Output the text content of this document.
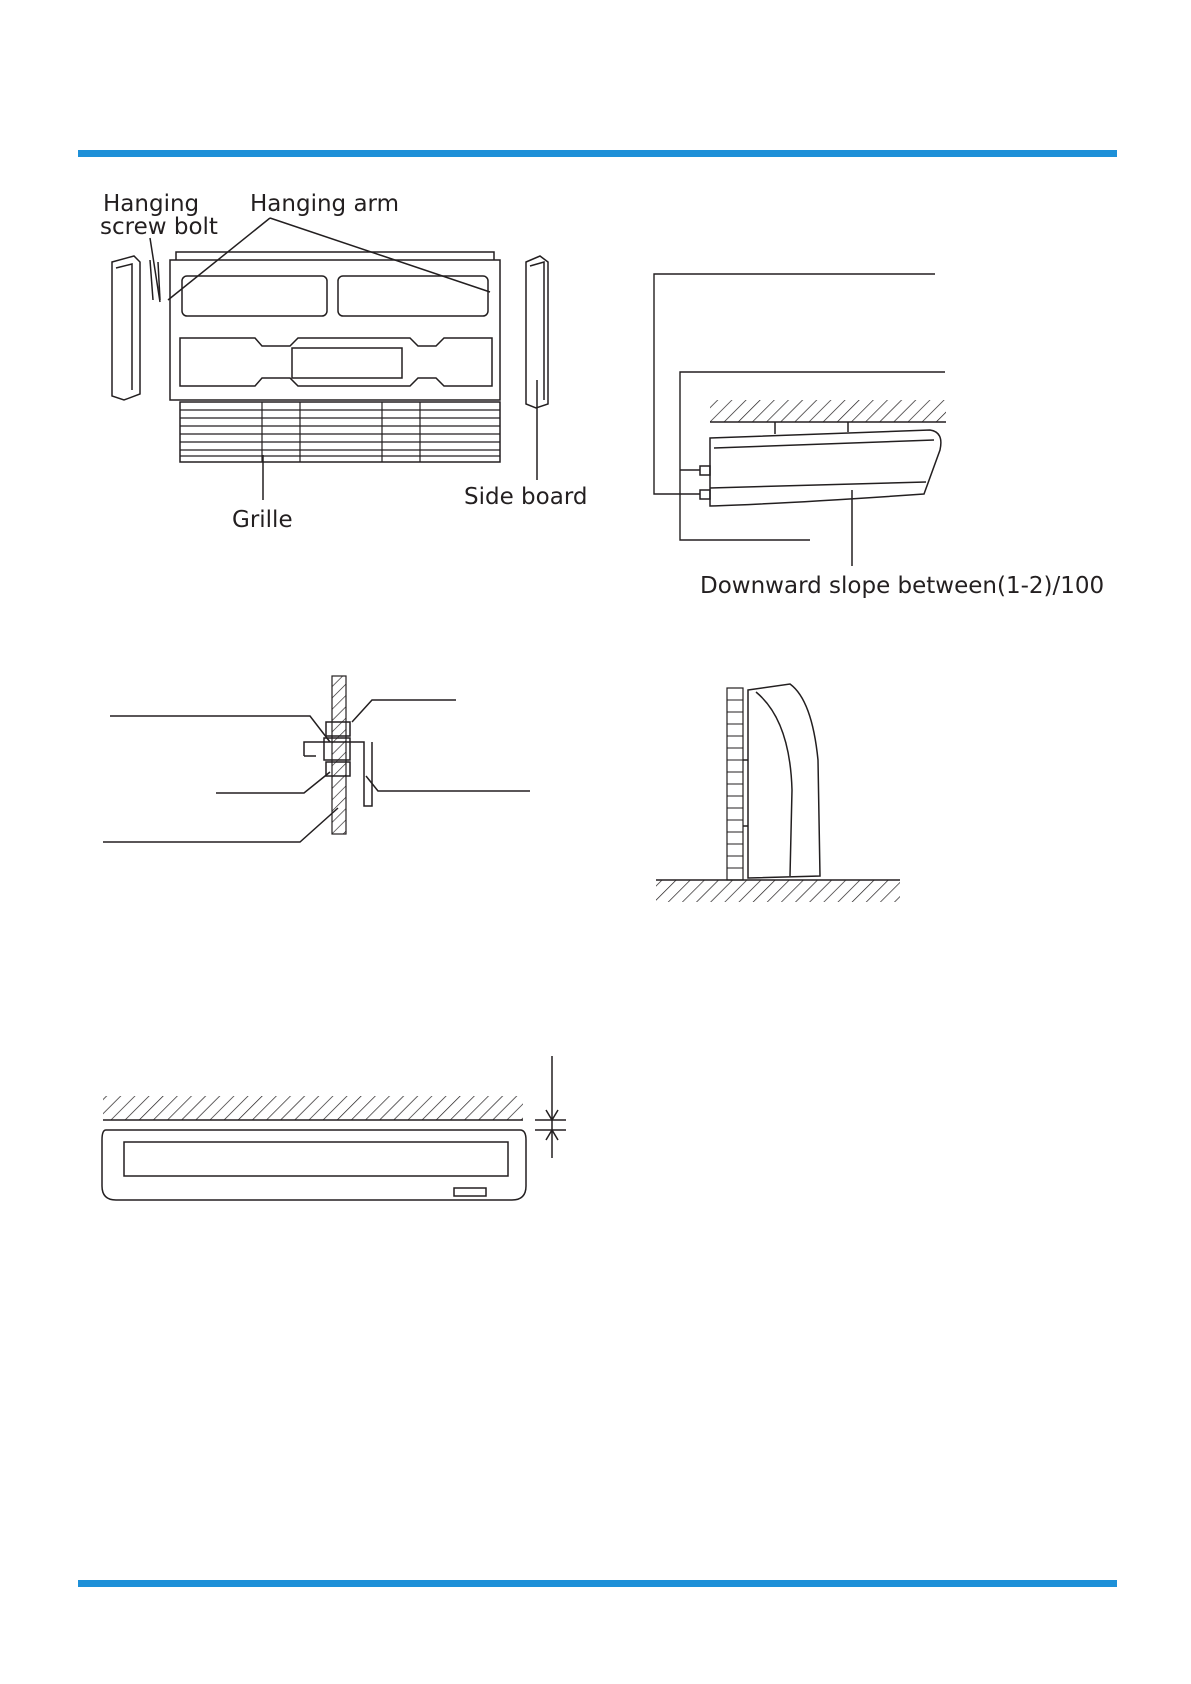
Hanging
screw bolt
Hanging arm
Grille
Side board
Downward slope between(1-2)/100
